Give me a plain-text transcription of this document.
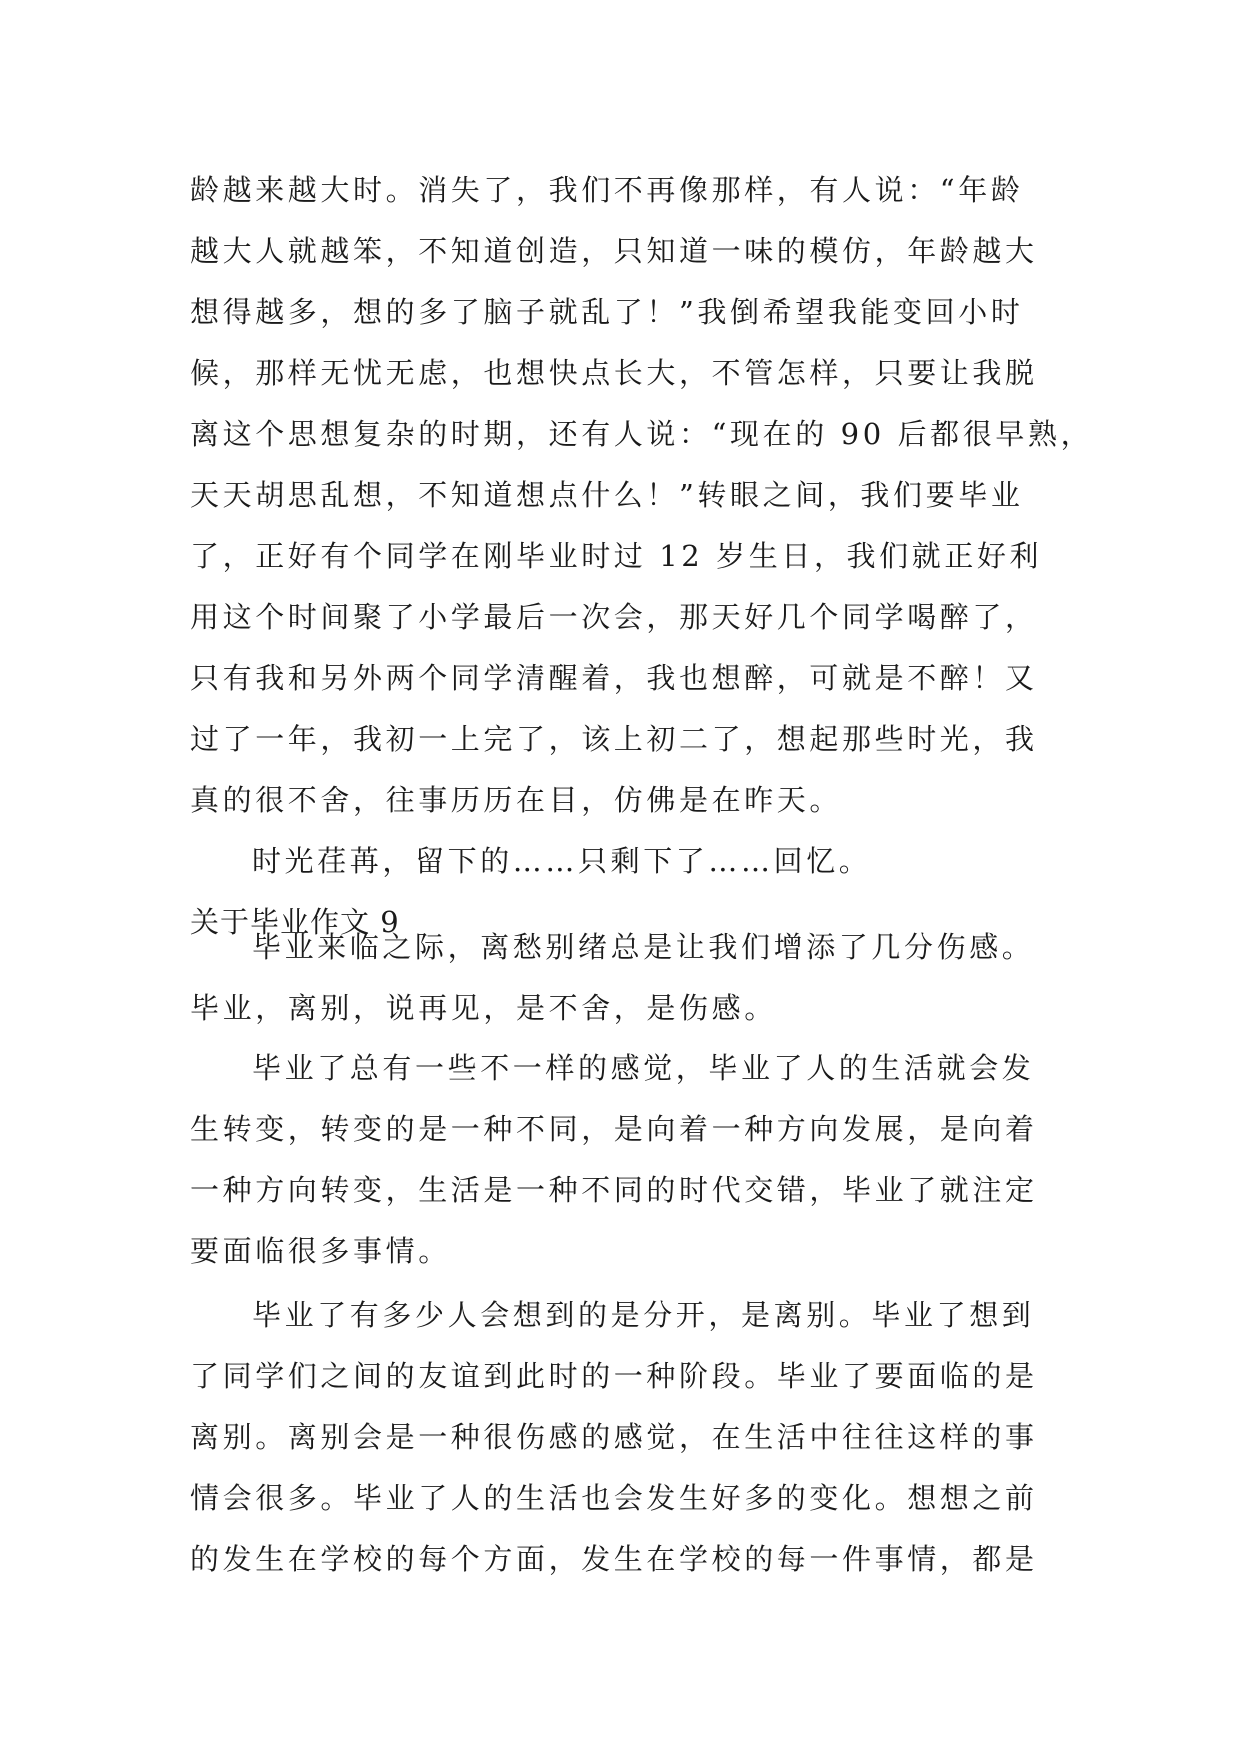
龄越来越大时。消失了，我们不再像那样，有人说：“年龄
越大人就越笨，不知道创造，只知道一味的模仿，年龄越大
想得越多，想的多了脑子就乱了！”我倒希望我能变回小时
候，那样无忧无虑，也想快点长大，不管怎样，只要让我脱
离这个思想复杂的时期，还有人说：“现在的 90 后都很早熟，
天天胡思乱想，不知道想点什么！”转眼之间，我们要毕业
了，正好有个同学在刚毕业时过 12 岁生日，我们就正好利
用这个时间聚了小学最后一次会，那天好几个同学喝醉了，
只有我和另外两个同学清醒着，我也想醉，可就是不醉！又
过了一年，我初一上完了，该上初二了，想起那些时光，我
真的很不舍，往事历历在目，仿佛是在昨天。
时光荏苒，留下的……只剩下了……回忆。
关于毕业作文 9
毕业来临之际，离愁别绪总是让我们增添了几分伤感。
毕业，离别，说再见，是不舍，是伤感。
毕业了总有一些不一样的感觉，毕业了人的生活就会发
生转变，转变的是一种不同，是向着一种方向发展，是向着
一种方向转变，生活是一种不同的时代交错，毕业了就注定
要面临很多事情。
毕业了有多少人会想到的是分开，是离别。毕业了想到
了同学们之间的友谊到此时的一种阶段。毕业了要面临的是
离别。离别会是一种很伤感的感觉，在生活中往往这样的事
情会很多。毕业了人的生活也会发生好多的变化。想想之前
的发生在学校的每个方面，发生在学校的每一件事情，都是
